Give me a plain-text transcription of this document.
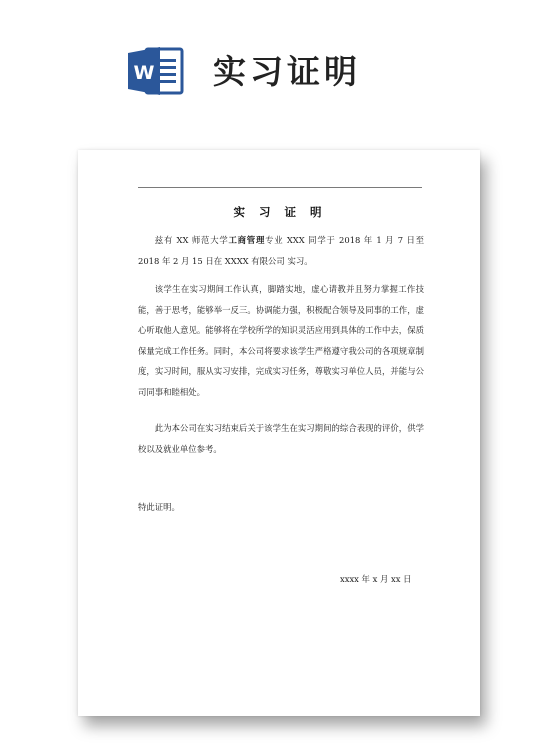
W 实习证明
实 习 证 明

兹有 XX 师范大学工商管理专业 XXX 同学于 2018 年 1 月 7 日至 2018 年 2 月 15 日在 XXXX 有限公司 实习。

该学生在实习期间工作认真，脚踏实地，虚心请教并且努力掌握工作技能，善于思考，能够举一反三。协调能力强，积极配合领导及同事的工作，虚心听取他人意见。能够将在学校所学的知识灵活应用到具体的工作中去，保质保量完成工作任务。同时，本公司将要求该学生严格遵守我公司的各项规章制度，实习时间，服从实习安排，完成实习任务，尊敬实习单位人员，并能与公司同事和睦相处。

此为本公司在实习结束后关于该学生在实习期间的综合表现的评价，供学校以及就业单位参考。

特此证明。
xxxx 年 x 月 xx 日
